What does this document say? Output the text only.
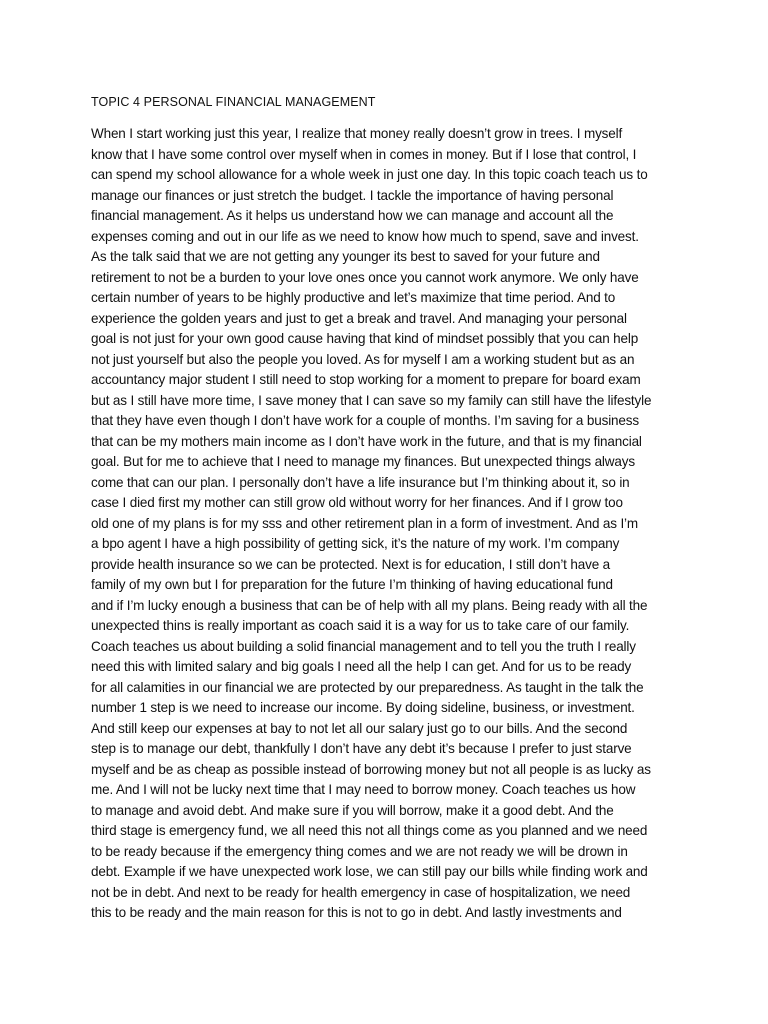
TOPIC 4 PERSONAL FINANCIAL MANAGEMENT
When I start working just this year, I realize that money really doesn’t grow in trees. I myself
know that I have some control over myself when in comes in money. But if I lose that control, I
can spend my school allowance for a whole week in just one day. In this topic coach teach us to
manage our finances or just stretch the budget. I tackle the importance of having personal
financial management. As it helps us understand how we can manage and account all the
expenses coming and out in our life as we need to know how much to spend, save and invest.
As the talk said that we are not getting any younger its best to saved for your future and
retirement to not be a burden to your love ones once you cannot work anymore. We only have
certain number of years to be highly productive and let’s maximize that time period. And to
experience the golden years and just to get a break and travel. And managing your personal
goal is not just for your own good cause having that kind of mindset possibly that you can help
not just yourself but also the people you loved. As for myself I am a working student but as an
accountancy major student I still need to stop working for a moment to prepare for board exam
but as I still have more time, I save money that I can save so my family can still have the lifestyle
that they have even though I don’t have work for a couple of months. I’m saving for a business
that can be my mothers main income as I don’t have work in the future, and that is my financial
goal. But for me to achieve that I need to manage my finances. But unexpected things always
come that can our plan. I personally don’t have a life insurance but I’m thinking about it, so in
case I died first my mother can still grow old without worry for her finances. And if I grow too
old one of my plans is for my sss and other retirement plan in a form of investment. And as I’m
a bpo agent I have a high possibility of getting sick, it’s the nature of my work. I’m company
provide health insurance so we can be protected. Next is for education, I still don’t have a
family of my own but I for preparation for the future I’m thinking of having educational fund
and if I’m lucky enough a business that can be of help with all my plans. Being ready with all the
unexpected thins is really important as coach said it is a way for us to take care of our family.
Coach teaches us about building a solid financial management and to tell you the truth I really
need this with limited salary and big goals I need all the help I can get. And for us to be ready
for all calamities in our financial we are protected by our preparedness. As taught in the talk the
number 1 step is we need to increase our income. By doing sideline, business, or investment.
And still keep our expenses at bay to not let all our salary just go to our bills. And the second
step is to manage our debt, thankfully I don’t have any debt it’s because I prefer to just starve
myself and be as cheap as possible instead of borrowing money but not all people is as lucky as
me. And I will not be lucky next time that I may need to borrow money. Coach teaches us how
to manage and avoid debt. And make sure if you will borrow, make it a good debt. And the
third stage is emergency fund, we all need this not all things come as you planned and we need
to be ready because if the emergency thing comes and we are not ready we will be drown in
debt. Example if we have unexpected work lose, we can still pay our bills while finding work and
not be in debt. And next to be ready for health emergency in case of hospitalization, we need
this to be ready and the main reason for this is not to go in debt. And lastly investments and
